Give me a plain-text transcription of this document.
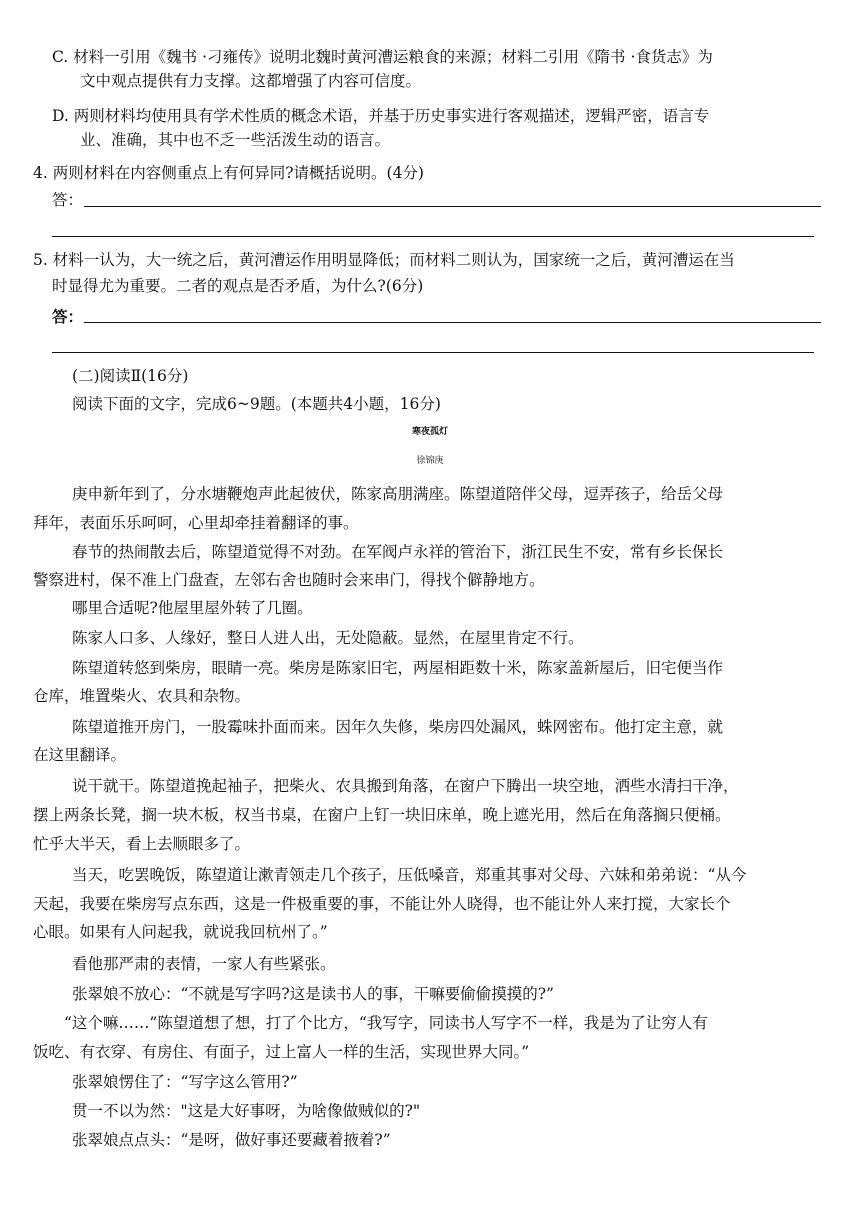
C. 材料一引用《魏书 ·刁雍传》说明北魏时黄河漕运粮食的来源；材料二引用《隋书 ·食货志》为
文中观点提供有力支撑。这都增强了内容可信度。
D. 两则材料均使用具有学术性质的概念术语，并基于历史事实进行客观描述，逻辑严密，语言专
业、准确，其中也不乏一些活泼生动的语言。
4. 两则材料在内容侧重点上有何异同?请概括说明。(4分)
答：
5. 材料一认为，大一统之后，黄河漕运作用明显降低；而材料二则认为，国家统一之后，黄河漕运在当
时显得尤为重要。二者的观点是否矛盾，为什么?(6分)
答：
(二)阅读Ⅱ(16分)
阅读下面的文字，完成6~9题。(本题共4小题，16分)
寒夜孤灯
徐锦庚
庚申新年到了，分水塘鞭炮声此起彼伏，陈家高朋满座。陈望道陪伴父母，逗弄孩子，给岳父母
拜年，表面乐乐呵呵，心里却牵挂着翻译的事。
春节的热闹散去后，陈望道觉得不对劲。在军阀卢永祥的管治下，浙江民生不安，常有乡长保长
警察进村，保不准上门盘查，左邻右舍也随时会来串门，得找个僻静地方。
哪里合适呢?他屋里屋外转了几圈。
陈家人口多、人缘好，整日人进人出，无处隐蔽。显然，在屋里肯定不行。
陈望道转悠到柴房，眼睛一亮。柴房是陈家旧宅，两屋相距数十米，陈家盖新屋后，旧宅便当作
仓库，堆置柴火、农具和杂物。
陈望道推开房门，一股霉味扑面而来。因年久失修，柴房四处漏风，蛛网密布。他打定主意，就
在这里翻译。
说干就干。陈望道挽起袖子，把柴火、农具搬到角落，在窗户下腾出一块空地，洒些水清扫干净，
摆上两条长凳，搁一块木板，权当书桌，在窗户上钉一块旧床单，晚上遮光用，然后在角落搁只便桶。
忙乎大半天，看上去顺眼多了。
当天，吃罢晚饭，陈望道让漱青领走几个孩子，压低嗓音，郑重其事对父母、六妹和弟弟说：“从今
天起，我要在柴房写点东西，这是一件极重要的事，不能让外人晓得，也不能让外人来打搅，大家长个
心眼。如果有人问起我，就说我回杭州了。”
看他那严肃的表情，一家人有些紧张。
张翠娘不放心：“不就是写字吗?这是读书人的事，干嘛要偷偷摸摸的?”
“这个嘛……”陈望道想了想，打了个比方，“我写字，同读书人写字不一样，我是为了让穷人有
饭吃、有衣穿、有房住、有面子，过上富人一样的生活，实现世界大同。”
张翠娘愣住了：“写字这么管用?”
贯一不以为然："这是大好事呀，为啥像做贼似的?"
张翠娘点点头：“是呀，做好事还要藏着掖着?”
